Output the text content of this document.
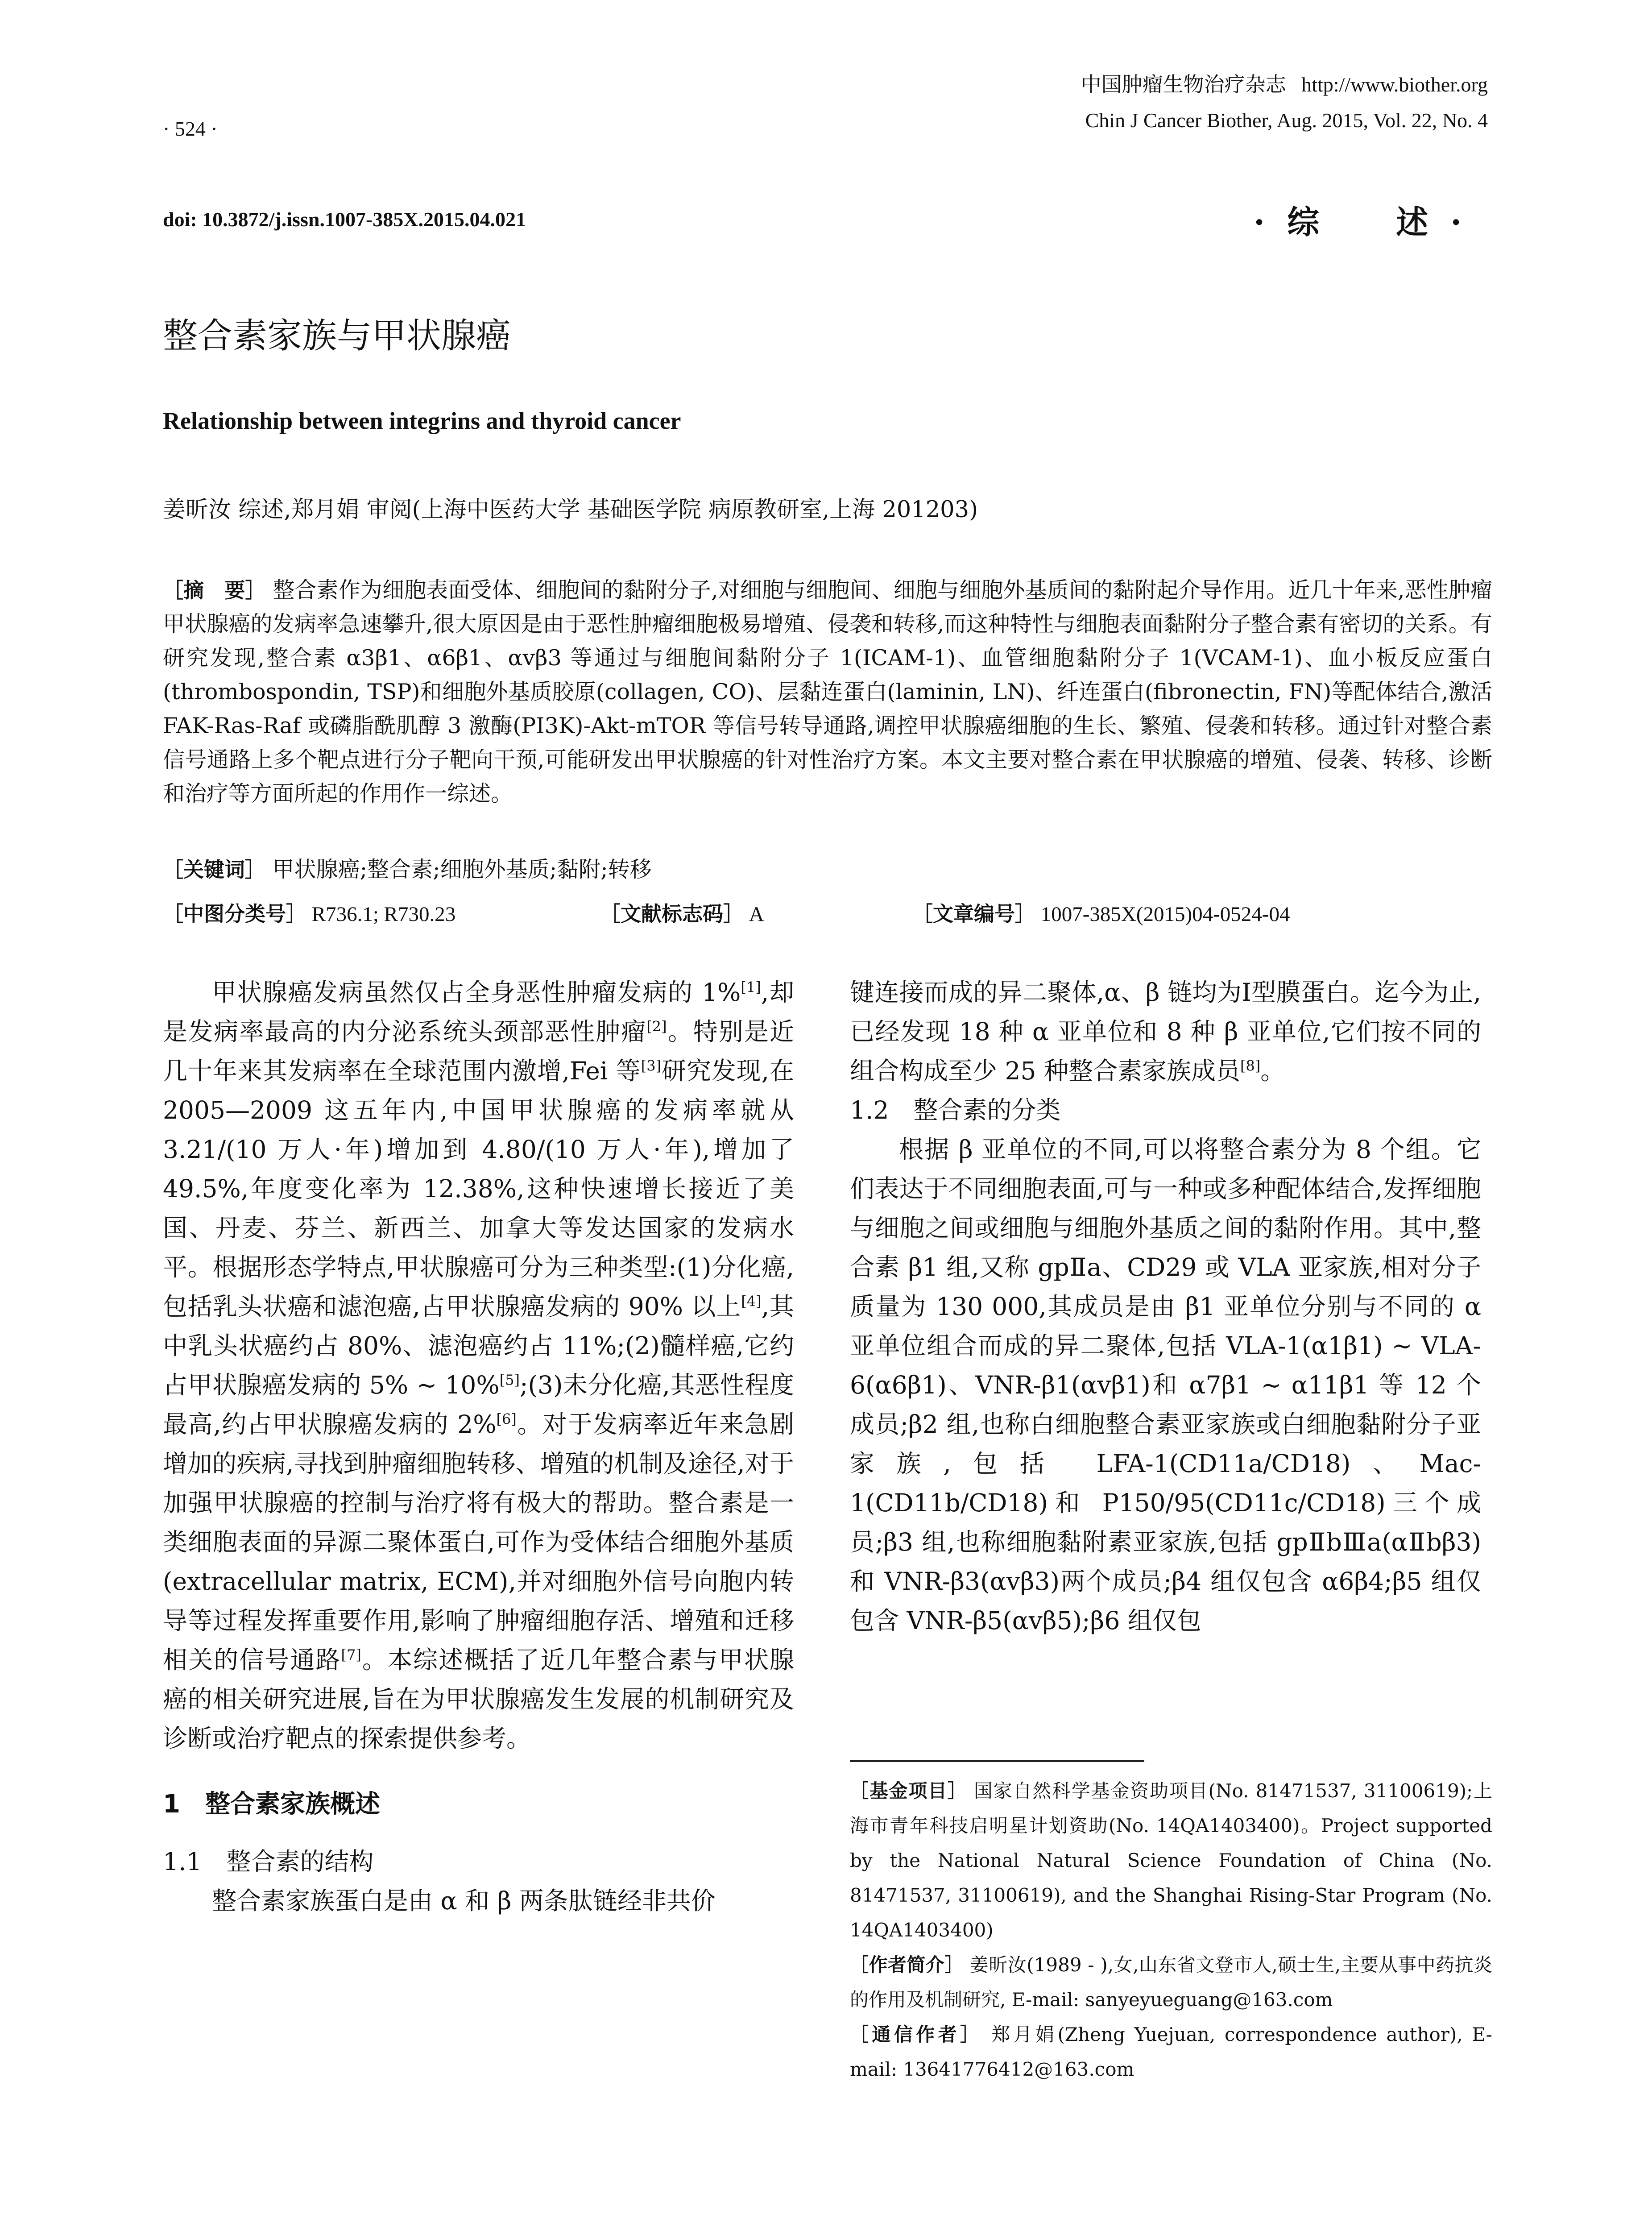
中国肿瘤生物治疗杂志 http://www.biother.org
Chin J Cancer Biother, Aug. 2015, Vol. 22, No. 4
· 524 ·
doi: 10.3872/j.issn.1007-385X.2015.04.021	·综　述·
整合素家族与甲状腺癌
Relationship between integrins and thyroid cancer
姜昕汝 综述,郑月娟 审阅(上海中医药大学 基础医学院 病原教研室,上海 201203)
［摘　要］ 整合素作为细胞表面受体、细胞间的黏附分子,对细胞与细胞间、细胞与细胞外基质间的黏附起介导作用。近几十年来,恶性肿瘤甲状腺癌的发病率急速攀升,很大原因是由于恶性肿瘤细胞极易增殖、侵袭和转移,而这种特性与细胞表面黏附分子整合素有密切的关系。有研究发现,整合素 α3β1、α6β1、αvβ3 等通过与细胞间黏附分子 1(ICAM-1)、血管细胞黏附分子 1(VCAM-1)、血小板反应蛋白(thrombospondin, TSP)和细胞外基质胶原(collagen, CO)、层黏连蛋白(laminin, LN)、纤连蛋白(fibronectin, FN)等配体结合,激活 FAK-Ras-Raf 或磷脂酰肌醇 3 激酶(PI3K)-Akt-mTOR 等信号转导通路,调控甲状腺癌细胞的生长、繁殖、侵袭和转移。通过针对整合素信号通路上多个靶点进行分子靶向干预,可能研发出甲状腺癌的针对性治疗方案。本文主要对整合素在甲状腺癌的增殖、侵袭、转移、诊断和治疗等方面所起的作用作一综述。
［关键词］ 甲状腺癌;整合素;细胞外基质;黏附;转移
［中图分类号］ R736.1; R730.23	［文献标志码］ A	［文章编号］ 1007-385X(2015)04-0524-04

甲状腺癌发病虽然仅占全身恶性肿瘤发病的 1%[1],却是发病率最高的内分泌系统头颈部恶性肿瘤[2]。特别是近几十年来其发病率在全球范围内激增,Fei 等[3]研究发现,在 2005—2009 这五年内,中国甲状腺癌的发病率就从 3.21/(10 万人·年)增加到 4.80/(10 万人·年),增加了 49.5%,年度变化率为 12.38%,这种快速增长接近了美国、丹麦、芬兰、新西兰、加拿大等发达国家的发病水平。根据形态学特点,甲状腺癌可分为三种类型:(1)分化癌,包括乳头状癌和滤泡癌,占甲状腺癌发病的 90% 以上[4],其中乳头状癌约占 80%、滤泡癌约占 11%;(2)髓样癌,它约占甲状腺癌发病的 5% ~ 10%[5];(3)未分化癌,其恶性程度最高,约占甲状腺癌发病的 2%[6]。对于发病率近年来急剧增加的疾病,寻找到肿瘤细胞转移、增殖的机制及途径,对于加强甲状腺癌的控制与治疗将有极大的帮助。整合素是一类细胞表面的异源二聚体蛋白,可作为受体结合细胞外基质(extracellular matrix, ECM),并对细胞外信号向胞内转导等过程发挥重要作用,影响了肿瘤细胞存活、增殖和迁移相关的信号通路[7]。本综述概括了近几年整合素与甲状腺癌的相关研究进展,旨在为甲状腺癌发生发展的机制研究及诊断或治疗靶点的探索提供参考。

1　整合素家族概述

1.1　整合素的结构

整合素家族蛋白是由 α 和 β 两条肽链经非共价

键连接而成的异二聚体,α、β 链均为Ⅰ型膜蛋白。迄今为止,已经发现 18 种 α 亚单位和 8 种 β 亚单位,它们按不同的组合构成至少 25 种整合素家族成员[8]。

1.2　整合素的分类

根据 β 亚单位的不同,可以将整合素分为 8 个组。它们表达于不同细胞表面,可与一种或多种配体结合,发挥细胞与细胞之间或细胞与细胞外基质之间的黏附作用。其中,整合素 β1 组,又称 gpⅡa、CD29 或 VLA 亚家族,相对分子质量为 130 000,其成员是由 β1 亚单位分别与不同的 α 亚单位组合而成的异二聚体,包括 VLA-1(α1β1) ~ VLA-6(α6β1)、VNR-β1(αvβ1)和 α7β1 ~ α11β1 等 12 个成员;β2 组,也称白细胞整合素亚家族或白细胞黏附分子亚家族,包括 LFA-1(CD11a/CD18)、Mac-1(CD11b/CD18)和 P150/95(CD11c/CD18)三个成员;β3 组,也称细胞黏附素亚家族,包括 gpⅡbⅢa(αⅡbβ3)和 VNR-β3(αvβ3)两个成员;β4 组仅包含 α6β4;β5 组仅包含 VNR-β5(αvβ5);β6 组仅包

［基金项目］ 国家自然科学基金资助项目(No. 81471537, 31100619);上海市青年科技启明星计划资助(No. 14QA1403400)。Project supported by the National Natural Science Foundation of China (No. 81471537, 31100619), and the Shanghai Rising-Star Program (No. 14QA1403400)

［作者简介］ 姜昕汝(1989 - ),女,山东省文登市人,硕士生,主要从事中药抗炎的作用及机制研究, E-mail: sanyeyueguang@163.com

［通信作者］ 郑月娟(Zheng Yuejuan, correspondence author), E-mail: 13641776412@163.com
